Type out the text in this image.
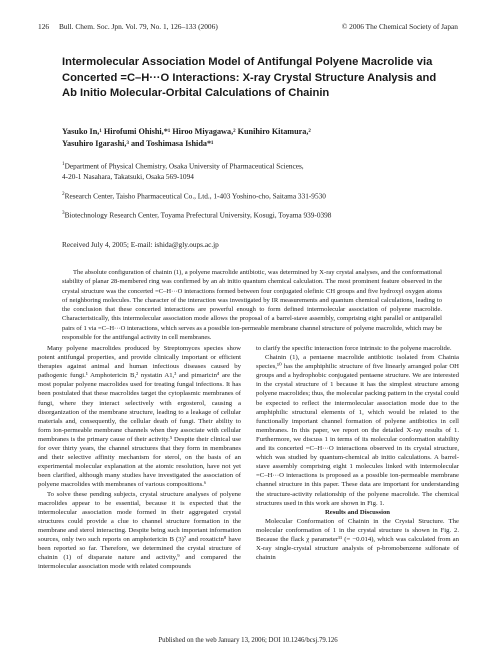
126 Bull. Chem. Soc. Jpn. Vol. 79, No. 1, 126–133 (2006)	© 2006 The Chemical Society of Japan
Intermolecular Association Model of Antifungal Polyene Macrolide via Concerted =C–H···O Interactions: X-ray Crystal Structure Analysis and Ab Initio Molecular-Orbital Calculations of Chainin
Yasuko In,¹ Hirofumi Ohishi,*¹ Hiroo Miyagawa,² Kunihiro Kitamura,²
Yasuhiro Igarashi,³ and Toshimasa Ishida*¹

$^1$Department of Physical Chemistry, Osaka University of Pharmaceutical Sciences,
4-20-1 Nasahara, Takatsuki, Osaka 569-1094

$^2$Research Center, Taisho Pharmaceutical Co., Ltd., 1-403 Yoshino-cho, Saitama 331-9530

$^3$Biotechnology Research Center, Toyama Prefectural University, Kosugi, Toyama 939-0398

Received July 4, 2005; E-mail: ishida@gly.oups.ac.jp

The absolute configuration of chainin (1), a polyene macrolide antibiotic, was determined by X-ray crystal analyses, and the conformational stability of planar 28-membered ring was confirmed by an ab initio quantum chemical calculation. The most prominent feature observed in the crystal structure was the concerted =C–H···O interactions formed between four conjugated olefinic CH groups and five hydroxyl oxygen atoms of neighboring molecules. The character of the interaction was investigated by IR measurements and quantum chemical calculations, leading to the conclusion that these concerted interactions are powerful enough to form defined intermolecular association of polyene macrolide. Characteristically, this intermolecular association mode allows the proposal of a barrel-stave assembly, comprising eight parallel or antiparallel pairs of 1 via =C–H···O interactions, which serves as a possible ion-permeable membrane channel structure of polyene macrolide, which may be responsible for the antifungal activity in cell membranes.

Many polyene macrolides produced by Streptomyces species show potent antifungal properties, and provide clinically important or efficient therapies against animal and human infectious diseases caused by pathogenic fungi.¹ Amphotericin B,² nystatin A1,³ and pimaricin⁴ are the most popular polyene macrolides used for treating fungal infections. It has been postulated that these macrolides target the cytoplasmic membranes of fungi, where they interact selectively with ergosterol, causing a disorganization of the membrane structure, leading to a leakage of cellular materials and, consequently, the cellular death of fungi. Their ability to form ion-permeable membrane channels when they associate with cellular membranes is the primary cause of their activity.⁵ Despite their clinical use for over thirty years, the channel structures that they form in membranes and their selective affinity mechanism for sterol, on the basis of an experimental molecular explanation at the atomic resolution, have not yet been clarified, although many studies have investigated the association of polyene macrolides with membranes of various compositions.⁶

To solve these pending subjects, crystal structure analyses of polyene macrolides appear to be essential, because it is expected that the intermolecular association mode formed in their aggregated crystal structures could provide a clue to channel structure formation in the membrane and sterol interacting. Despite being such important information sources, only two such reports on amphotericin B (3)⁷ and roxaticin⁸ have been reported so far. Therefore, we determined the crystal structure of chainin (1) of disparate nature and activity,⁹ and compared the intermolecular association mode with related compounds

to clarify the specific interaction force intrinsic to the polyene macrolide.

Chainin (1), a pentaene macrolide antibiotic isolated from Chainia species,¹⁰ has the amphiphilic structure of five linearly arranged polar OH groups and a hydrophobic conjugated pentaene structure. We are interested in the crystal structure of 1 because it has the simplest structure among polyene macrolides; thus, the molecular packing pattern in the crystal could be expected to reflect the intermolecular association mode due to the amphiphilic structural elements of 1, which would be related to the functionally important channel formation of polyene antibiotics in cell membranes. In this paper, we report on the detailed X-ray results of 1. Furthermore, we discuss 1 in terms of its molecular conformation stability and its concerted =C–H···O interactions observed in its crystal structure, which was studied by quantum-chemical ab initio calculations. A barrel-stave assembly comprising eight 1 molecules linked with intermolecular =C–H···O interactions is proposed as a possible ion-permeable membrane channel structure in this paper. These data are important for understanding the structure-activity relationship of the polyene macrolide. The chemical structures used in this work are shown in Fig. 1.

Results and Discussion

Molecular Conformation of Chainin in the Crystal Structure. The molecular conformation of 1 in the crystal structure is shown in Fig. 2. Because the flack χ parameter¹¹ (= −0.014), which was calculated from an X-ray single-crystal structure analysis of p-bromobenzene sulfonate of chainin

Published on the web January 13, 2006; DOI 10.1246/bcsj.79.126
